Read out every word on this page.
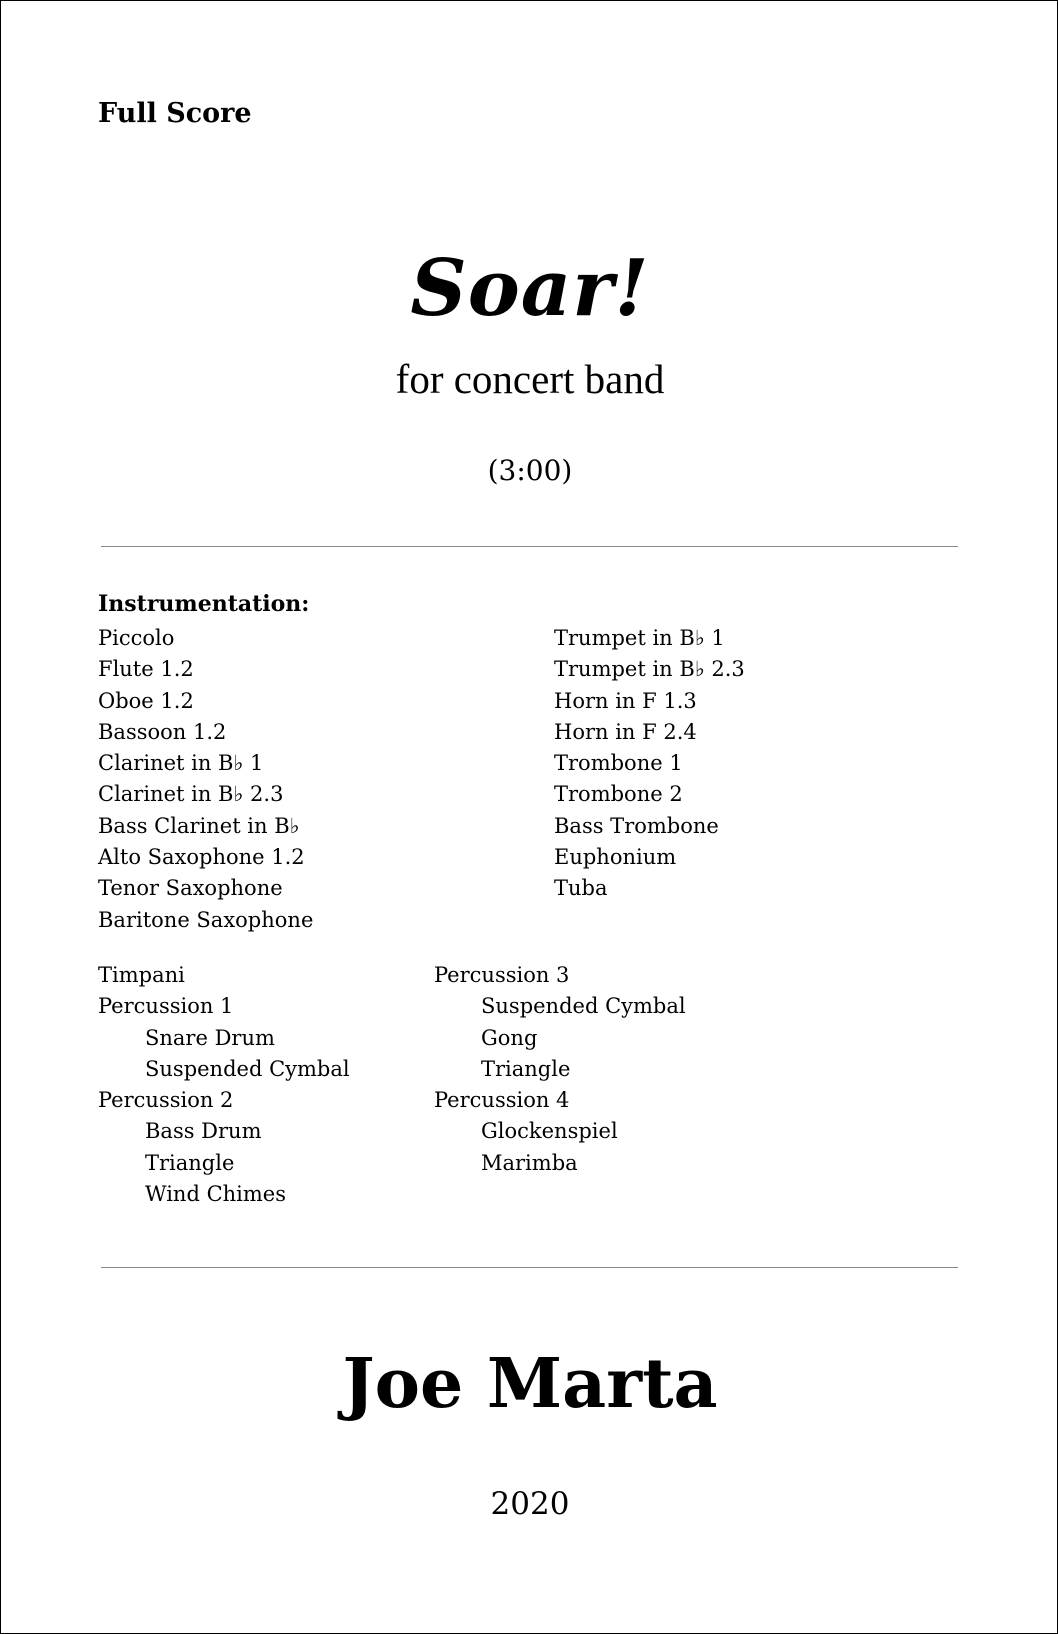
Full Score
Soar!
for concert band
(3:00)
Instrumentation:
Piccolo
Flute 1.2
Oboe 1.2
Bassoon 1.2
Clarinet in B♭ 1
Clarinet in B♭ 2.3
Bass Clarinet in B♭
Alto Saxophone 1.2
Tenor Saxophone
Baritone Saxophone
Trumpet in B♭ 1
Trumpet in B♭ 2.3
Horn in F 1.3
Horn in F 2.4
Trombone 1
Trombone 2
Bass Trombone
Euphonium
Tuba
Timpani
Percussion 1
Snare Drum
Suspended Cymbal
Percussion 2
Bass Drum
Triangle
Wind Chimes
Percussion 3
Suspended Cymbal
Gong
Triangle
Percussion 4
Glockenspiel
Marimba
Joe Marta
2020
